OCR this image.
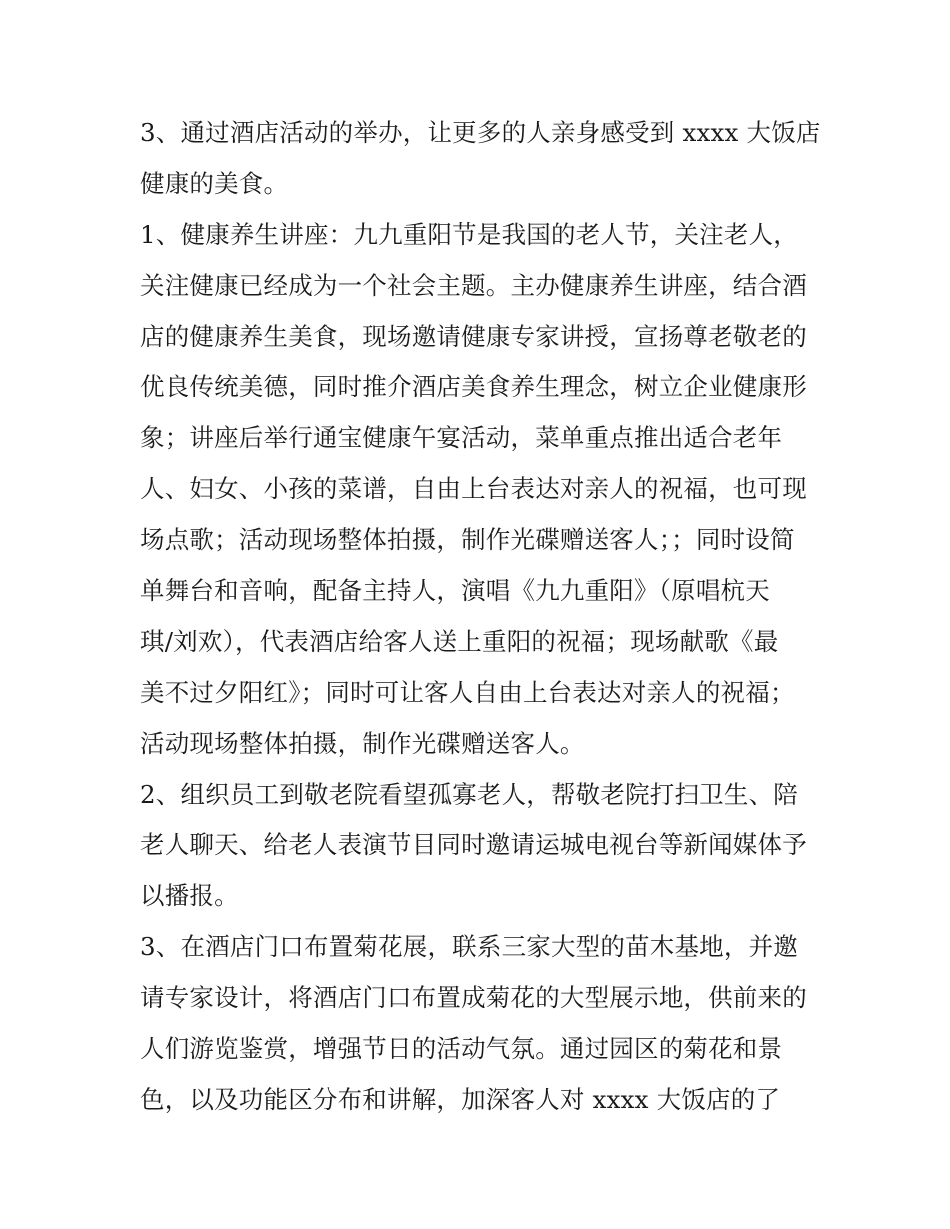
3、通过酒店活动的举办，让更多的人亲身感受到 xxxx 大饭店
健康的美食。
1、健康养生讲座：九九重阳节是我国的老人节，关注老人，
关注健康已经成为一个社会主题。主办健康养生讲座，结合酒
店的健康养生美食，现场邀请健康专家讲授，宣扬尊老敬老的
优良传统美德，同时推介酒店美食养生理念，树立企业健康形
象；讲座后举行通宝健康午宴活动，菜单重点推出适合老年
人、妇女、小孩的菜谱，自由上台表达对亲人的祝福，也可现
场点歌；活动现场整体拍摄，制作光碟赠送客人；；同时设简
单舞台和音响，配备主持人，演唱《九九重阳》（原唱杭天
琪/刘欢），代表酒店给客人送上重阳的祝福；现场献歌《最
美不过夕阳红》；同时可让客人自由上台表达对亲人的祝福；
活动现场整体拍摄，制作光碟赠送客人。
2、组织员工到敬老院看望孤寡老人，帮敬老院打扫卫生、陪
老人聊天、给老人表演节目同时邀请运城电视台等新闻媒体予
以播报。
3、在酒店门口布置菊花展，联系三家大型的苗木基地，并邀
请专家设计，将酒店门口布置成菊花的大型展示地，供前来的
人们游览鉴赏，增强节日的活动气氛。通过园区的菊花和景
色，以及功能区分布和讲解，加深客人对 xxxx 大饭店的了
